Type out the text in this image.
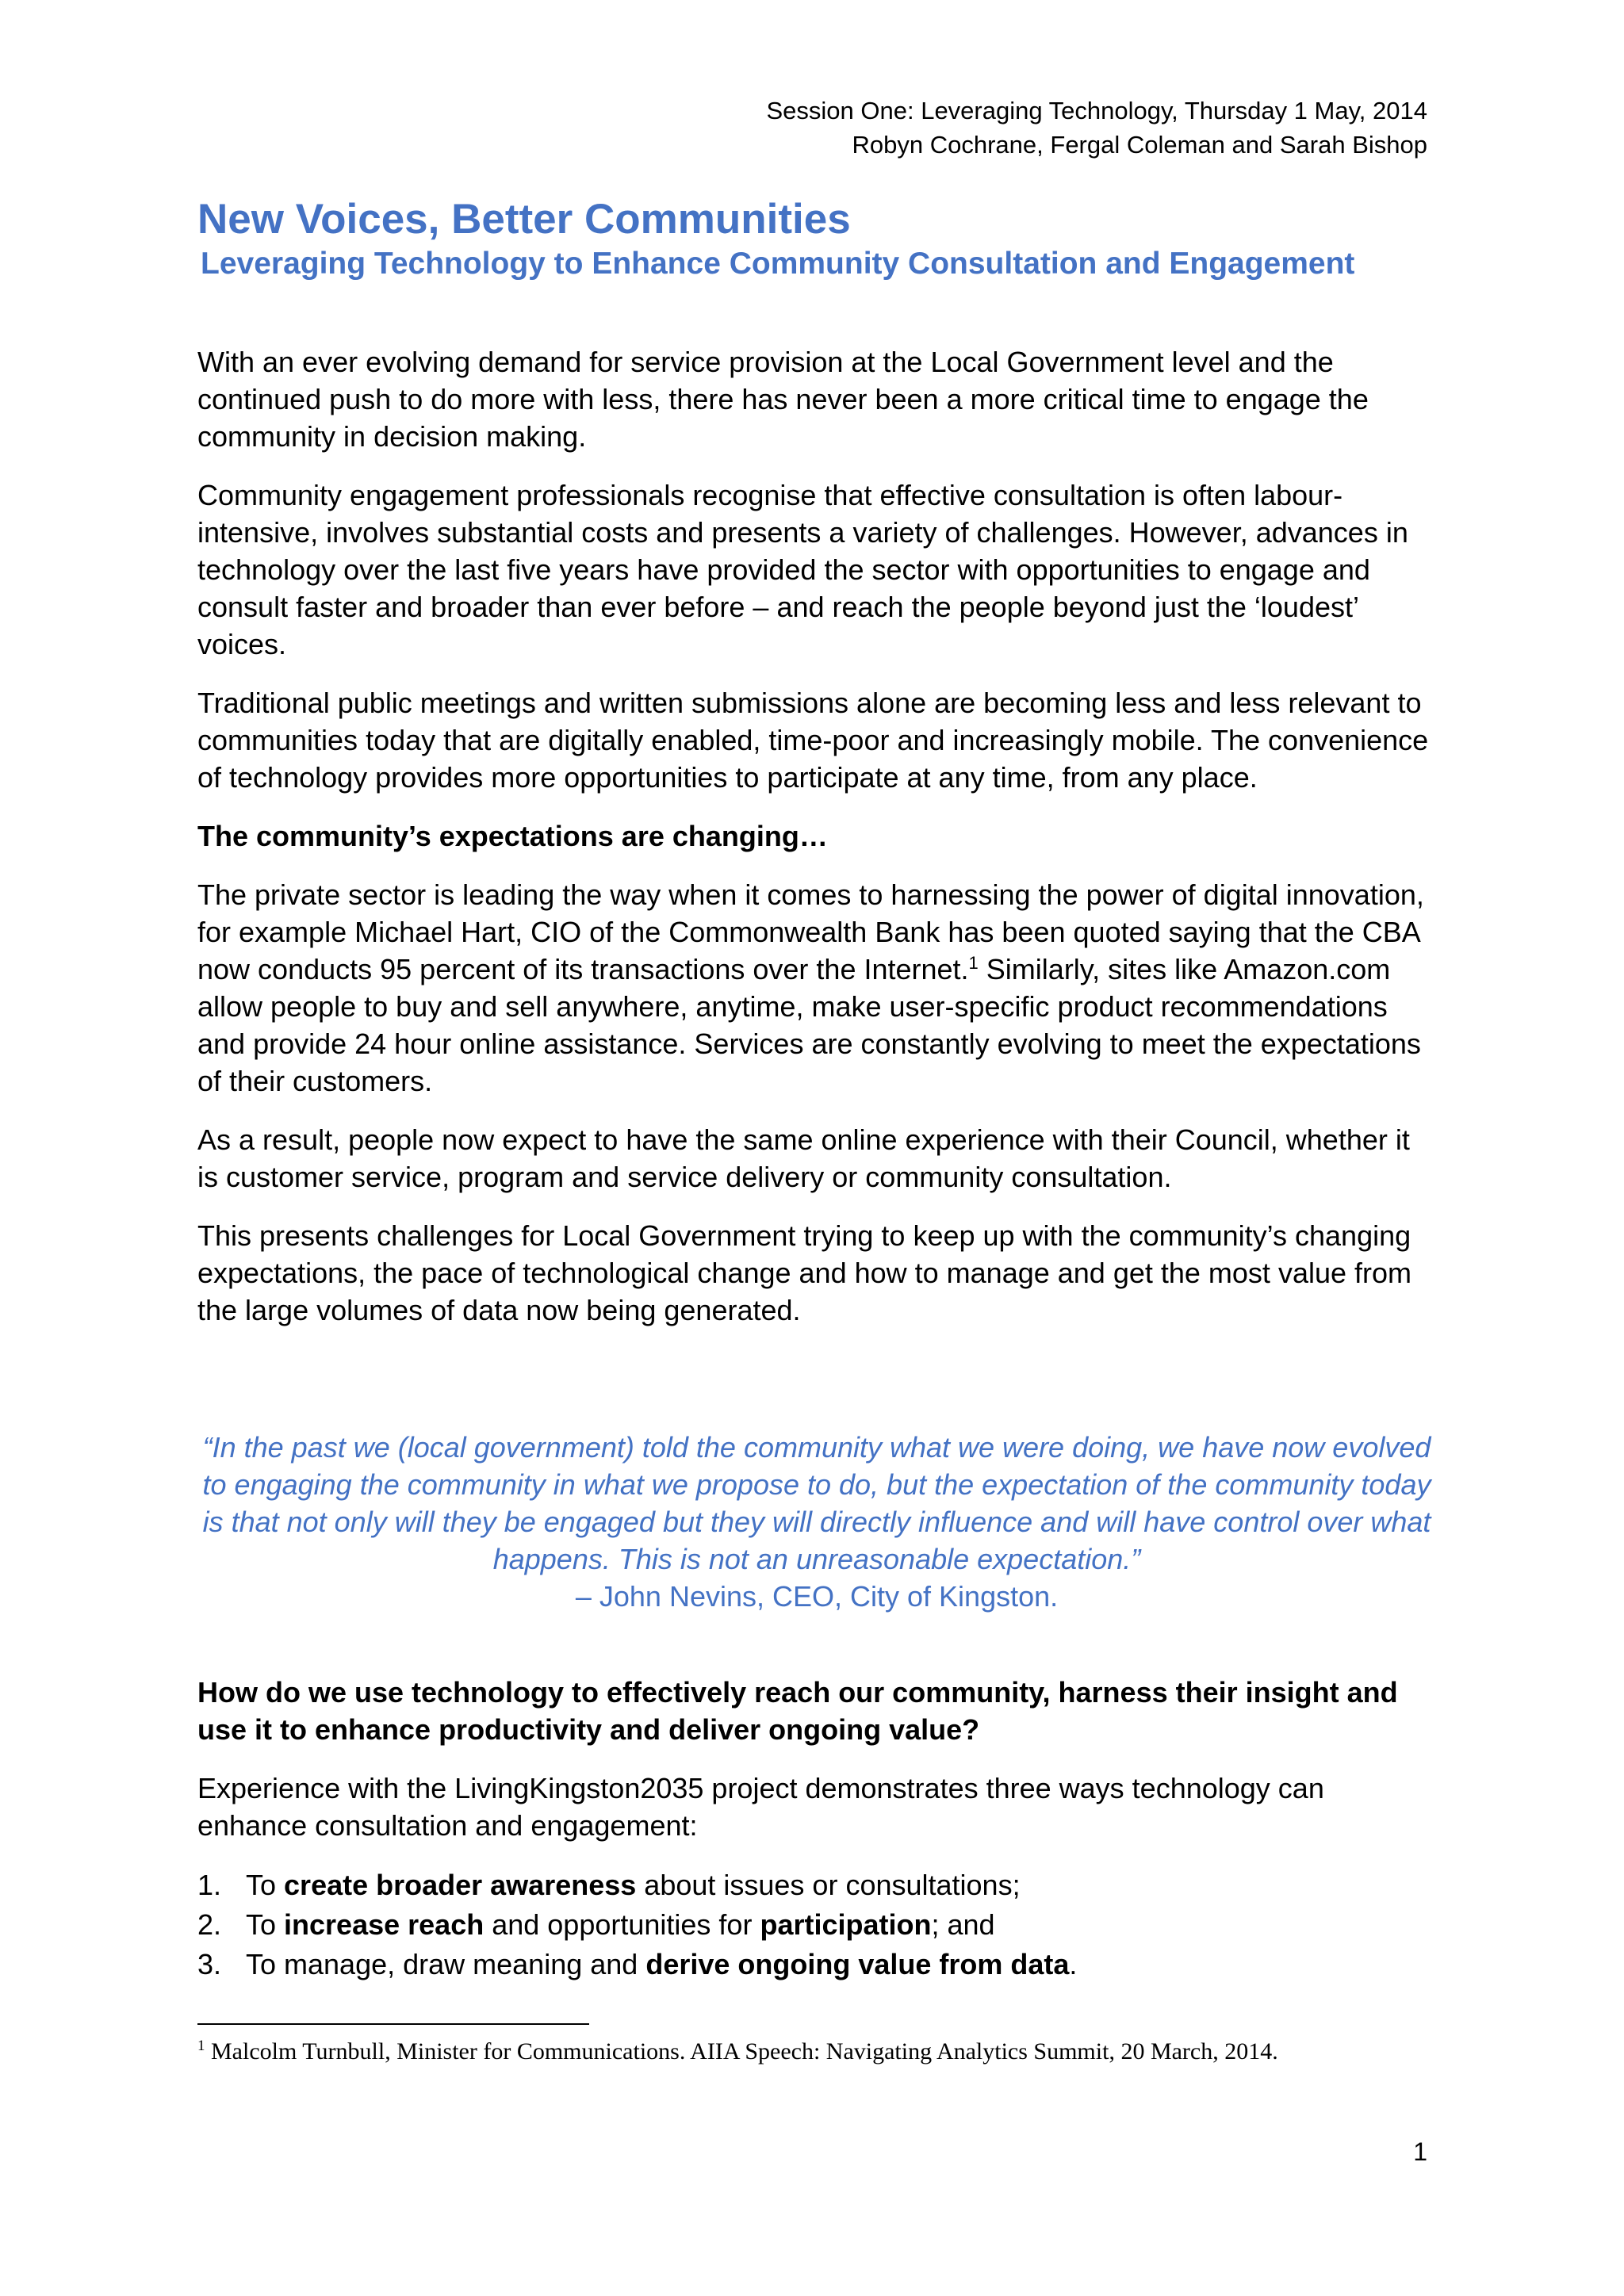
Session One: Leveraging Technology, Thursday 1 May, 2014
Robyn Cochrane, Fergal Coleman and Sarah Bishop
New Voices, Better Communities
Leveraging Technology to Enhance Community Consultation and Engagement

With an ever evolving demand for service provision at the Local Government level and the continued push to do more with less, there has never been a more critical time to engage the community in decision making.

Community engagement professionals recognise that effective consultation is often labour-intensive, involves substantial costs and presents a variety of challenges. However, advances in technology over the last five years have provided the sector with opportunities to engage and consult faster and broader than ever before – and reach the people beyond just the ‘loudest’ voices.

Traditional public meetings and written submissions alone are becoming less and less relevant to communities today that are digitally enabled, time-poor and increasingly mobile. The convenience of technology provides more opportunities to participate at any time, from any place.

The community’s expectations are changing…

The private sector is leading the way when it comes to harnessing the power of digital innovation, for example Michael Hart, CIO of the Commonwealth Bank has been quoted saying that the CBA now conducts 95 percent of its transactions over the Internet.$^1$ Similarly, sites like Amazon.com allow people to buy and sell anywhere, anytime, make user-specific product recommendations and provide 24 hour online assistance. Services are constantly evolving to meet the expectations of their customers.

As a result, people now expect to have the same online experience with their Council, whether it is customer service, program and service delivery or community consultation.

This presents challenges for Local Government trying to keep up with the community’s changing expectations, the pace of technological change and how to manage and get the most value from the large volumes of data now being generated.

“In the past we (local government) told the community what we were doing, we have now evolved to engaging the community in what we propose to do, but the expectation of the community today is that not only will they be engaged but they will directly influence and will have control over what happens. This is not an unreasonable expectation.”
– John Nevins, CEO, City of Kingston.

How do we use technology to effectively reach our community, harness their insight and use it to enhance productivity and deliver ongoing value?

Experience with the LivingKingston2035 project demonstrates three ways technology can enhance consultation and engagement:

1. To create broader awareness about issues or consultations;
2. To increase reach and opportunities for participation; and
3. To manage, draw meaning and derive ongoing value from data.
$^1$ Malcolm Turnbull, Minister for Communications. AIIA Speech: Navigating Analytics Summit, 20 March, 2014.
1
